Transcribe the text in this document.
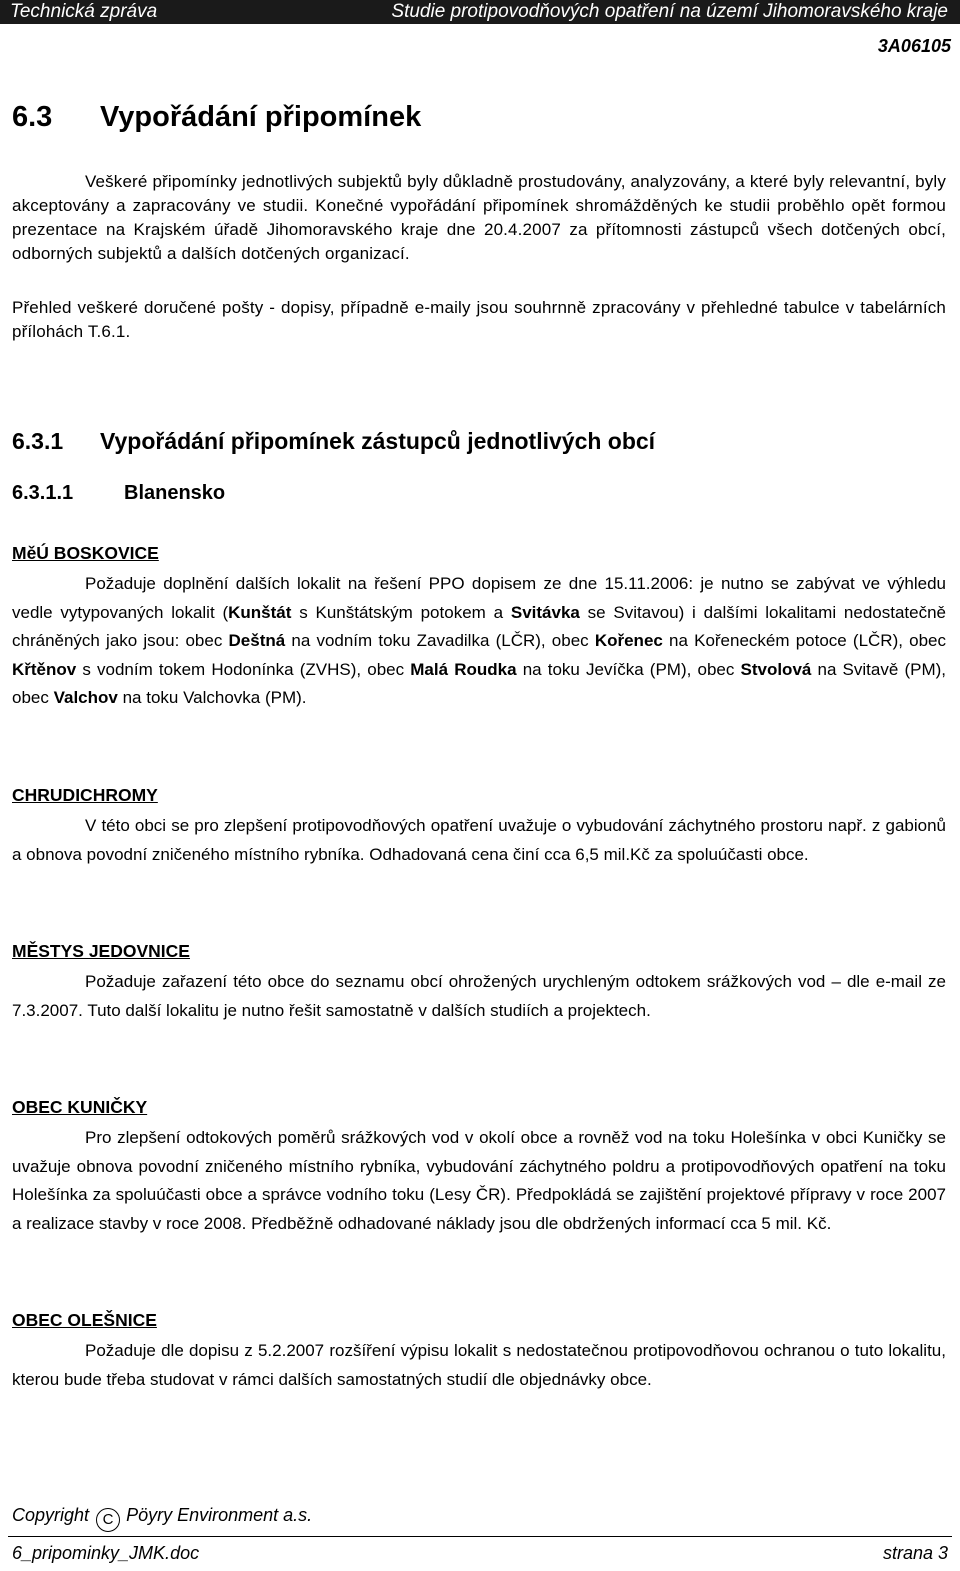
Technická zpráva	Studie protipovodňových opatření na území Jihomoravského kraje
3A06105
6.3 Vypořádání připomínek

Veškeré připomínky jednotlivých subjektů byly důkladně prostudovány, analyzovány, a které byly relevantní, byly akceptovány a zapracovány ve studii. Konečné vypořádání připomínek shromážděných ke studii proběhlo opět formou prezentace na Krajském úřadě Jihomoravského kraje dne 20.4.2007 za přítomnosti zástupců všech dotčených obcí, odborných subjektů a dalších dotčených organizací.

Přehled veškeré doručené pošty - dopisy, případně e-maily jsou souhrnně zpracovány v přehledné tabulce v tabelárních přílohách T.6.1.

6.3.1 Vypořádání připomínek zástupců jednotlivých obcí
6.3.1.1	Blanensko
MěÚ BOSKOVICE

Požaduje doplnění dalších lokalit na řešení PPO dopisem ze dne 15.11.2006: je nutno se zabývat ve výhledu vedle vytypovaných lokalit (Kunštát s Kunštátským potokem a Svitávka se Svitavou) i dalšími lokalitami nedostatečně chráněných jako jsou: obec Deštná na vodním toku Zavadilka (LČR), obec Kořenec na Kořeneckém potoce (LČR), obec Křtěnov s vodním tokem Hodonínka (ZVHS), obec Malá Roudka na toku Jevíčka (PM), obec Stvolová na Svitavě (PM), obec Valchov na toku Valchovka (PM).

CHRUDICHROMY

V této obci se pro zlepšení protipovodňových opatření uvažuje o vybudování záchytného prostoru např. z gabionů a obnova povodní zničeného místního rybníka. Odhadovaná cena činí cca 6,5 mil.Kč za spoluúčasti obce.

MĚSTYS JEDOVNICE

Požaduje zařazení této obce do seznamu obcí ohrožených urychleným odtokem srážkových vod – dle e-mail ze 7.3.2007. Tuto další lokalitu je nutno řešit samostatně v dalších studiích a projektech.

OBEC KUNIČKY

Pro zlepšení odtokových poměrů srážkových vod v okolí obce a rovněž vod na toku Holešínka v obci Kuničky se uvažuje obnova povodní zničeného místního rybníka, vybudování záchytného poldru a protipovodňových opatření na toku Holešínka za spoluúčasti obce a správce vodního toku (Lesy ČR). Předpokládá se zajištění projektové přípravy v roce 2007 a realizace stavby v roce 2008. Předběžně odhadované náklady jsou dle obdržených informací cca 5 mil. Kč.

OBEC OLEŠNICE

Požaduje dle dopisu z 5.2.2007 rozšíření výpisu lokalit s nedostatečnou protipovodňovou ochranou o tuto lokalitu, kterou bude třeba studovat v rámci dalších samostatných studií dle objednávky obce.

Copyright C Pöyry Environment a.s.
6_pripominky_JMK.doc	strana 3
